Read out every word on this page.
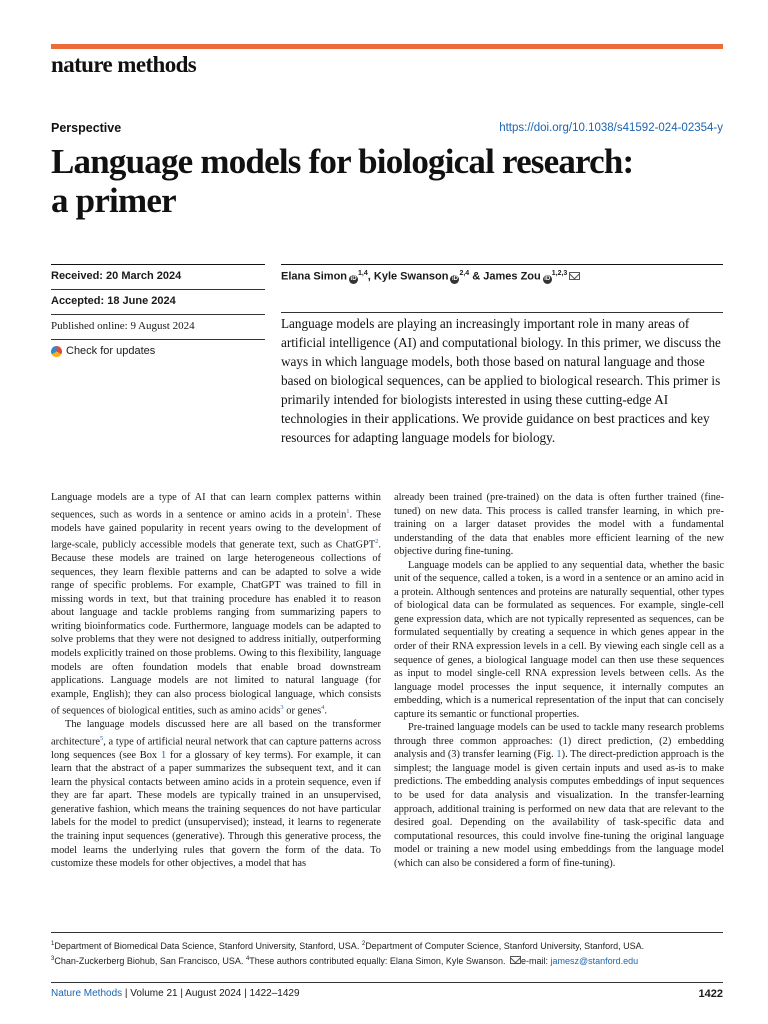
nature methods
Perspective	https://doi.org/10.1038/s41592-024-02354-y
Language models for biological research:
a primer
Received: 20 March 2024
Accepted: 18 June 2024
Published online: 9 August 2024
Check for updates
Elana Simon iD$^{1,4}$, Kyle Swanson iD$^{2,4}$ & James Zou iD$^{1,2,3}$

Language models are playing an increasingly important role in many areas of artificial intelligence (AI) and computational biology. In this primer, we discuss the ways in which language models, both those based on natural language and those based on biological sequences, can be applied to biological research. This primer is primarily intended for biologists interested in using these cutting-edge AI technologies in their applications. We provide guidance on best practices and key resources for adapting language models for biology.

Language models are a type of AI that can learn complex patterns within sequences, such as words in a sentence or amino acids in a protein$^1$. These models have gained popularity in recent years owing to the development of large-scale, publicly accessible models that generate text, such as ChatGPT$^2$. Because these models are trained on large heterogeneous collections of sequences, they learn flexible patterns and can be adapted to solve a wide range of specific problems. For example, ChatGPT was trained to fill in missing words in text, but that training procedure has enabled it to reason about language and tackle problems ranging from summarizing papers to writing bioinformatics code. Furthermore, language models can be adapted to solve problems that they were not designed to address initially, outperforming models explicitly trained on those problems. Owing to this flexibility, language models are often foundation models that enable broad downstream applications. Language models are not limited to natural language (for example, English); they can also process biological language, which consists of sequences of biological entities, such as amino acids$^3$ or genes$^4$.

The language models discussed here are all based on the transformer architecture$^5$, a type of artificial neural network that can capture patterns across long sequences (see Box 1 for a glossary of key terms). For example, it can learn that the abstract of a paper summarizes the subsequent text, and it can learn the physical contacts between amino acids in a protein sequence, even if they are far apart. These models are typically trained in an unsupervised, generative fashion, which means the training sequences do not have particular labels for the model to predict (unsupervised); instead, it learns to regenerate the training input sequences (generative). Through this generative process, the model learns the underlying rules that govern the form of the data. To customize these models for other objectives, a model that has

already been trained (pre-trained) on the data is often further trained (fine-tuned) on new data. This process is called transfer learning, in which pre-training on a larger dataset provides the model with a fundamental understanding of the data that enables more efficient learning of the new objective during fine-tuning.

Language models can be applied to any sequential data, whether the basic unit of the sequence, called a token, is a word in a sentence or an amino acid in a protein. Although sentences and proteins are naturally sequential, other types of biological data can be formulated as sequences. For example, single-cell gene expression data, which are not typically represented as sequences, can be formulated sequentially by creating a sequence in which genes appear in the order of their RNA expression levels in a cell. By viewing each single cell as a sequence of genes, a biological language model can then use these sequences as input to model single-cell RNA expression levels between cells. As the language model processes the input sequence, it internally computes an embedding, which is a numerical representation of the input that can concisely capture its semantic or functional properties.

Pre-trained language models can be used to tackle many research problems through three common approaches: (1) direct prediction, (2) embedding analysis and (3) transfer learning (Fig. 1). The direct-prediction approach is the simplest; the language model is given certain inputs and used as-is to make predictions. The embedding analysis computes embeddings of input sequences to be used for data analysis and visualization. In the transfer-learning approach, additional training is performed on new data that are relevant to the desired goal. Depending on the availability of task-specific data and computational resources, this could involve fine-tuning the original language model or training a new model using embeddings from the language model (which can also be considered a form of fine-tuning).

$^1$Department of Biomedical Data Science, Stanford University, Stanford, USA. $^2$Department of Computer Science, Stanford University, Stanford, USA.
$^3$Chan-Zuckerberg Biohub, San Francisco, USA. $^4$These authors contributed equally: Elana Simon, Kyle Swanson. e-mail: jamesz@stanford.edu
Nature Methods | Volume 21 | August 2024 | 1422–1429	1422
